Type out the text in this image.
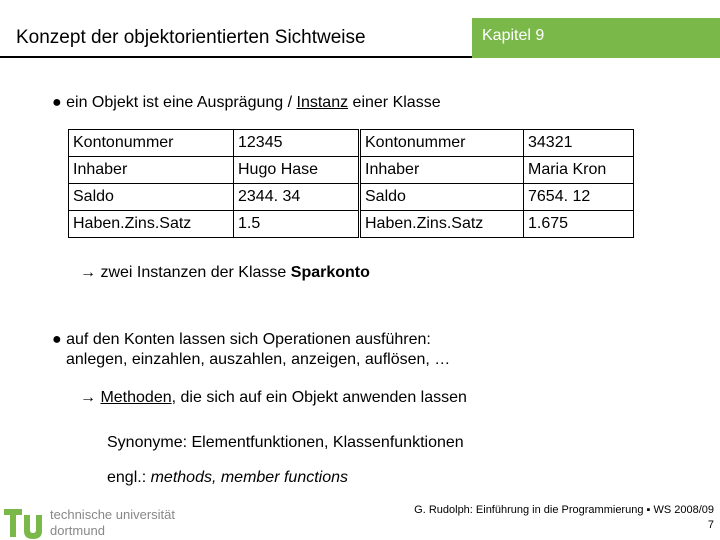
Konzept der objektorientierten Sichtweise	Kapitel 9
● ein Objekt ist eine Ausprägung / Instanz einer Klasse
Kontonummer	12345
Inhaber	Hugo Hase
Saldo	2344. 34
Haben.Zins.Satz	1.5
Kontonummer	34321
Inhaber	Maria Kron
Saldo	7654. 12
Haben.Zins.Satz	1.675
→ zwei Instanzen der Klasse Sparkonto
● auf den Konten lassen sich Operationen ausführen:
anlegen, einzahlen, auszahlen, anzeigen, auflösen, …
→ Methoden, die sich auf ein Objekt anwenden lassen
Synonyme: Elementfunktionen, Klassenfunktionen
engl.: methods, member functions
technische universität
dortmund
G. Rudolph: Einführung in die Programmierung ▪ WS 2008/09
7
